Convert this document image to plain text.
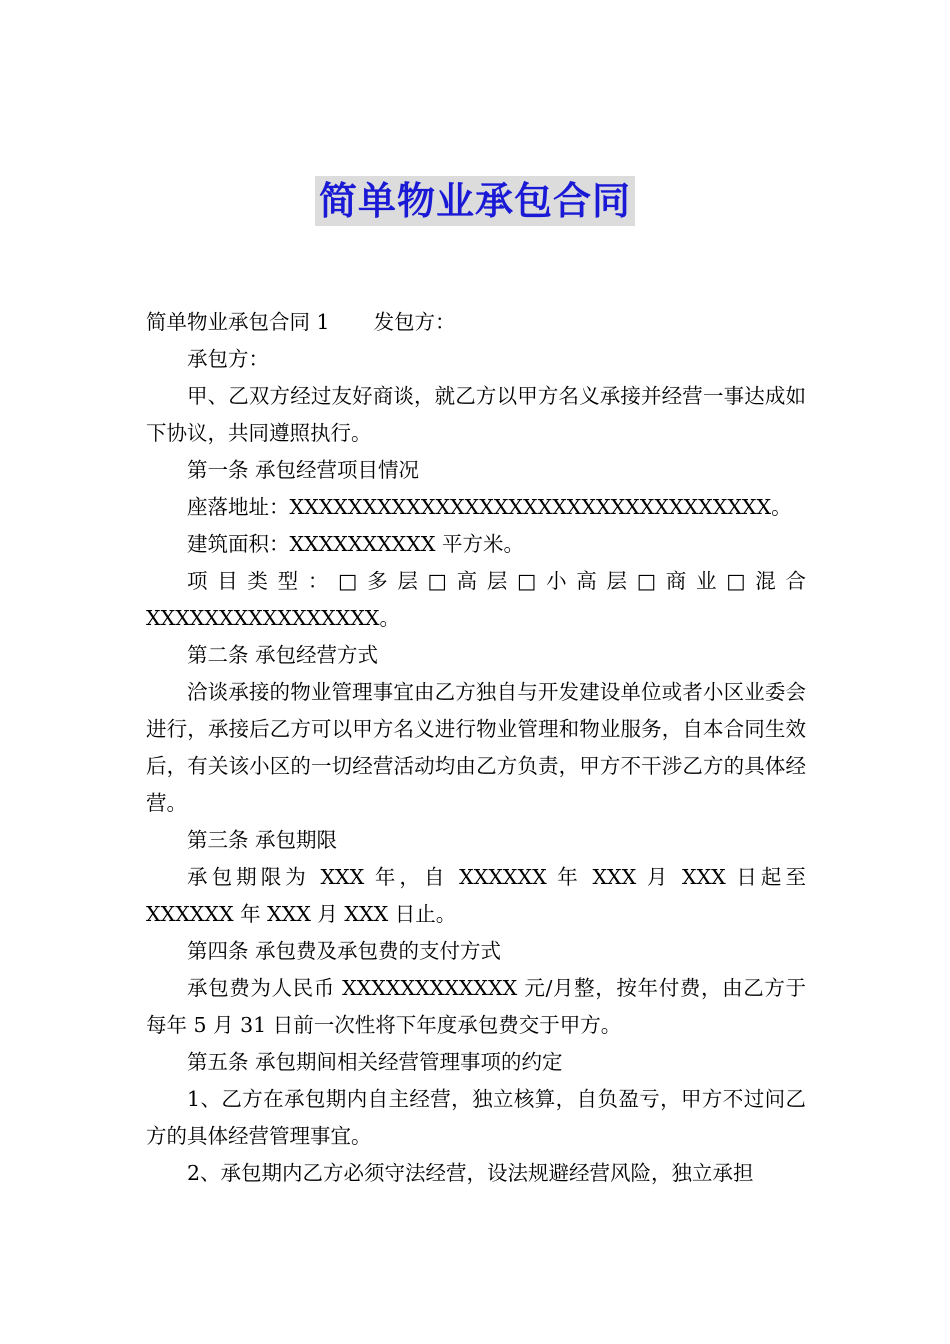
简单物业承包合同

简单物业承包合同 1 发包方：

承包方：

甲、乙双方经过友好商谈，就乙方以甲方名义承接并经营一事达成如下协议，共同遵照执行。

第一条 承包经营项目情况

座落地址：XXXXXXXXXXXXXXXXXXXXXXXXXXXXXXXXX。

建筑面积：XXXXXXXXXX 平方米。

项 目 类 型 ： □ 多 层 □ 高 层 □ 小 高 层 □ 商 业 □ 混 合

XXXXXXXXXXXXXXXX。

第二条 承包经营方式

洽谈承接的物业管理事宜由乙方独自与开发建设单位或者小区业委会进行，承接后乙方可以甲方名义进行物业管理和物业服务，自本合同生效后，有关该小区的一切经营活动均由乙方负责，甲方不干涉乙方的具体经营。

第三条 承包期限

承包期限为 XXX 年，自 XXXXXX 年 XXX 月 XXX 日起至 XXXXXX 年 XXX 月 XXX 日止。

第四条 承包费及承包费的支付方式

承包费为人民币 XXXXXXXXXXXX 元/月整，按年付费，由乙方于每年 5 月 31 日前一次性将下年度承包费交于甲方。

第五条 承包期间相关经营管理事项的约定

1、乙方在承包期内自主经营，独立核算，自负盈亏，甲方不过问乙方的具体经营管理事宜。

2、承包期内乙方必须守法经营，设法规避经营风险，独立承担
